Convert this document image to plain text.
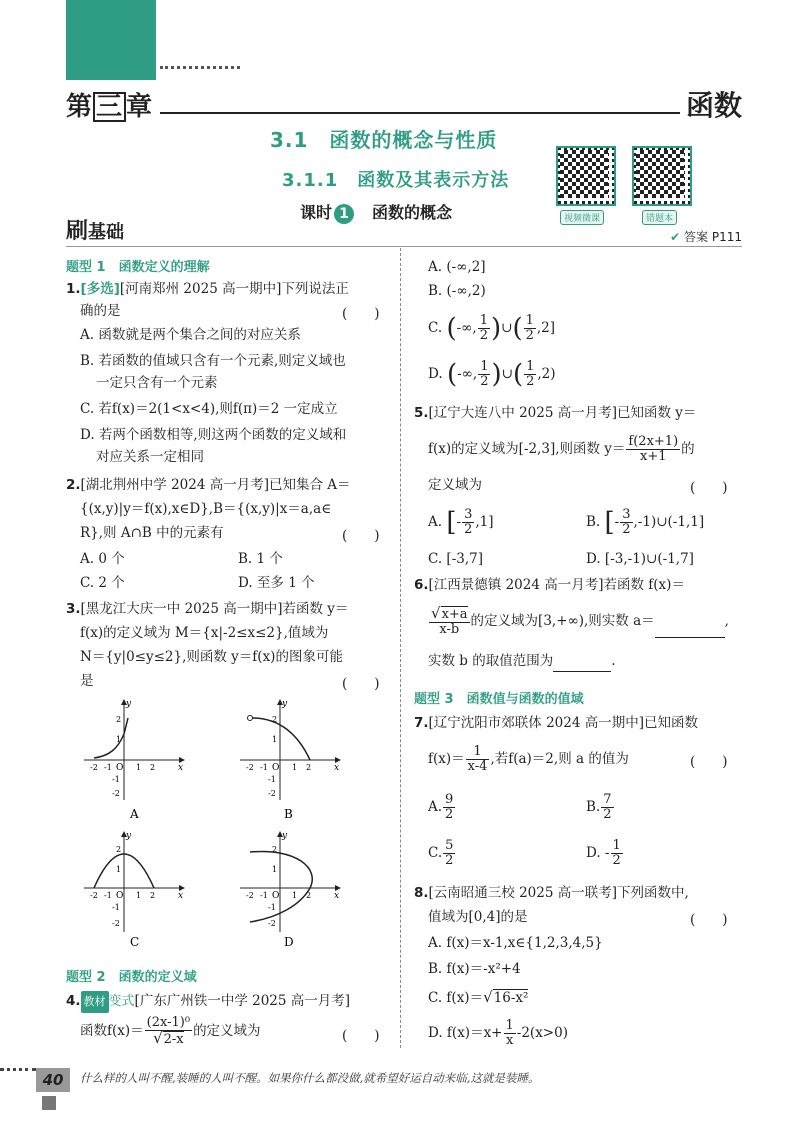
第 三 章	函数
3.1　函数的概念与性质
3.1.1　函数及其表示方法
课时 1　 函数的概念	视频微课	错题本
刷基础	✔ 答案 P111
题型 1　 函数定义的理解
1.[多选][河南郑州 2025 高一期中]下列说法正
确的是	(　　)
A. 函数就是两个集合之间的对应关系
B. 若函数的值域只含有一个元素,则定义域也
一定只含有一个元素
C. 若f(x)＝2(1<x<4),则f(π)＝2 一定成立
D. 若两个函数相等,则这两个函数的定义域和
对应关系一定相同
2.[湖北荆州中学 2024 高一月考]已知集合 A＝
{(x,y)|y＝f(x),x∈D},B＝{(x,y)|x＝a,a∈
R},则 A∩B 中的元素有	(　　)
A. 0 个	B. 1 个
C. 2 个	D. 至多 1 个
3.[黑龙江大庆一中 2025 高一期中]若函数 y＝
f(x)的定义域为 M＝{x|-2≤x≤2},值域为
N＝{y|0≤y≤2},则函数 y＝f(x)的图象可能
是	(　　)
y
x
O
-2 -1	1 2
2
1
-1
-2
A
y
x
O
-2 -1	1 2
2
1
-1
-2
B
y
x
O
-2 -1	1 2
2
1
-1
-2
C
y
x
O
-2 -1	1 2
2
1
-1
-2
D
题型 2　 函数的定义域
4. 教材 变式[广东广州铁一中学 2025 高一月考]
函数$f(x)= \frac{\text{(2x-1)⁰}}{√2-x}$ 的定义域为	(　　)
A. (-∞,2]
B. (-∞,2)
C. (-∞, $\frac{1}{2}$ )∪( $\frac{1}{2} ,2$]
D. (-∞, $\frac{1}{2}$ )∪( $\frac{1}{2} ,2$)
5.[辽宁大连八中 2025 高一月考]已知函数 y＝
f(x)的定义域为[-2,3],则函数 $y= \frac{f(2x+1)}{x+1}$ 的
定义域为	(　　)
A. [- $\frac{3}{2} ,1$]	B. [- $\frac{3}{2}$ ,-1)∪(-1,1]
C. [-3,7]	D. [-3,-1)∪(-1,7]
6.[江西景德镇 2024 高一月考]若函数 f(x)＝
$\frac{√x+a}{x-b}$ 的定义域为[3,+∞),则实数 a＝	,
实数 b 的取值范围为	.
题型 3　 函数值与函数的值域
7.[辽宁沈阳市郊联体 2024 高一期中]已知函数
$f(x)= \frac{1}{x-4}$ ,若f(a)＝2,则 a 的值为	(　　)
A. $\frac{9}{2}$	B. $\frac{7}{2}$
C. $\frac{5}{2}$	D. - $\frac{1}{2}$
8.[云南昭通三校 2025 高一联考]下列函数中,
值域为[0,4]的是	(　　)
A. f(x)＝x-1,x∈{1,2,3,4,5}
B. f(x)＝-x²+4
C. f(x)＝√16-x²
D. $f(x)=x+ \frac{1}{x} -2(x>0)$
40	什么样的人叫不醒,装睡的人叫不醒。如果你什么都没做,就希望好运自动来临,这就是装睡。
